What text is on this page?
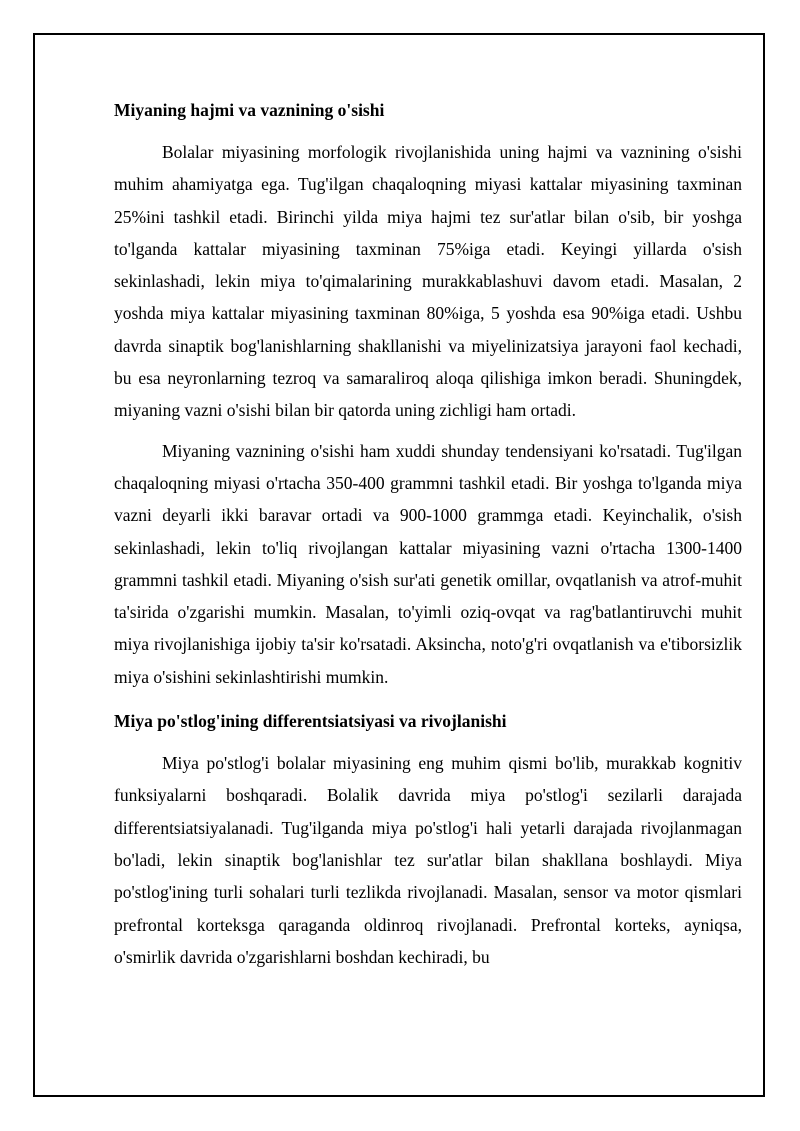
Miyaning hajmi va vaznining o'sishi

Bolalar miyasining morfologik rivojlanishida uning hajmi va vaznining o'sishi muhim ahamiyatga ega. Tug'ilgan chaqaloqning miyasi kattalar miyasining taxminan 25%ini tashkil etadi. Birinchi yilda miya hajmi tez sur'atlar bilan o'sib, bir yoshga to'lganda kattalar miyasining taxminan 75%iga etadi. Keyingi yillarda o'sish sekinlashadi, lekin miya to'qimalarining murakkablashuvi davom etadi. Masalan, 2 yoshda miya kattalar miyasining taxminan 80%iga, 5 yoshda esa 90%iga etadi. Ushbu davrda sinaptik bog'lanishlarning shakllanishi va miyelinizatsiya jarayoni faol kechadi, bu esa neyronlarning tezroq va samaraliroq aloqa qilishiga imkon beradi. Shuningdek, miyaning vazni o'sishi bilan bir qatorda uning zichligi ham ortadi.

Miyaning vaznining o'sishi ham xuddi shunday tendensiyani ko'rsatadi. Tug'ilgan chaqaloqning miyasi o'rtacha 350-400 grammni tashkil etadi. Bir yoshga to'lganda miya vazni deyarli ikki baravar ortadi va 900-1000 grammga etadi. Keyinchalik, o'sish sekinlashadi, lekin to'liq rivojlangan kattalar miyasining vazni o'rtacha 1300-1400 grammni tashkil etadi. Miyaning o'sish sur'ati genetik omillar, ovqatlanish va atrof-muhit ta'sirida o'zgarishi mumkin. Masalan, to'yimli oziq-ovqat va rag'batlantiruvchi muhit miya rivojlanishiga ijobiy ta'sir ko'rsatadi. Aksincha, noto'g'ri ovqatlanish va e'tiborsizlik miya o'sishini sekinlashtirishi mumkin.

Miya po'stlog'ining differentsiatsiyasi va rivojlanishi

Miya po'stlog'i bolalar miyasining eng muhim qismi bo'lib, murakkab kognitiv funksiyalarni boshqaradi. Bolalik davrida miya po'stlog'i sezilarli darajada differentsiatsiyalanadi. Tug'ilganda miya po'stlog'i hali yetarli darajada rivojlanmagan bo'ladi, lekin sinaptik bog'lanishlar tez sur'atlar bilan shakllana boshlaydi. Miya po'stlog'ining turli sohalari turli tezlikda rivojlanadi. Masalan, sensor va motor qismlari prefrontal korteksga qaraganda oldinroq rivojlanadi. Prefrontal korteks, ayniqsa, o'smirlik davrida o'zgarishlarni boshdan kechiradi, bu
